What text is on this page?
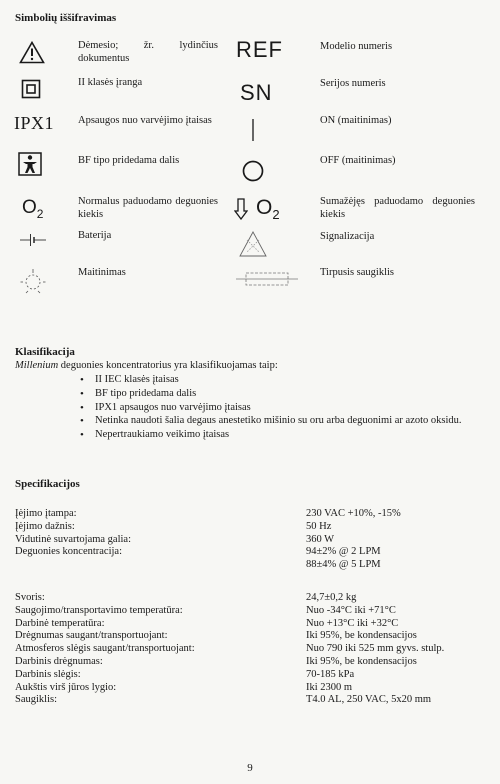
Simbolių iššifravimas
IPX1
$O_2$
Dėmesio; žr. lydinčius dokumentus
II klasės įranga
Apsaugos nuo varvėjimo įtaisas
BF tipo pridedama dalis
Normalus paduodamo deguonies kiekis
Baterija
Maitinimas
REF
SN
$O_2$
Modelio numeris
Serijos numeris
ON (maitinimas)
OFF (maitinimas)
Sumažėjęs paduodamo deguonies kiekis
Signalizacija
Tirpusis saugiklis
Klasifikacija
Millenium deguonies koncentratorius yra klasifikuojamas taip:
• II IEC klasės įtaisas
• BF tipo pridedama dalis
• IPX1 apsaugos nuo varvėjimo įtaisas
• Netinka naudoti šalia degaus anestetiko mišinio su oru arba deguonimi ar azoto oksidu.
• Nepertraukiamo veikimo įtaisas
Specifikacijos
Įėjimo įtampa:
Įėjimo dažnis:
Vidutinė suvartojama galia:
Deguonies koncentracija:
230 VAC +10%, -15%
50 Hz
360 W
94±2% @ 2 LPM
88±4% @ 5 LPM
Svoris:
Saugojimo/transportavimo temperatūra:
Darbinė temperatūra:
Drėgnumas saugant/transportuojant:
Atmosferos slėgis saugant/transportuojant:
Darbinis drėgnumas:
Darbinis slėgis:
Aukštis virš jūros lygio:
Saugiklis:
24,7±0,2 kg
Nuo -34°C iki +71°C
Nuo +13°C iki +32°C
Iki 95%, be kondensacijos
Nuo 790 iki 525 mm gyvs. stulp.
Iki 95%, be kondensacijos
70-185 kPa
Iki 2300 m
T4.0 AL, 250 VAC, 5x20 mm
9
